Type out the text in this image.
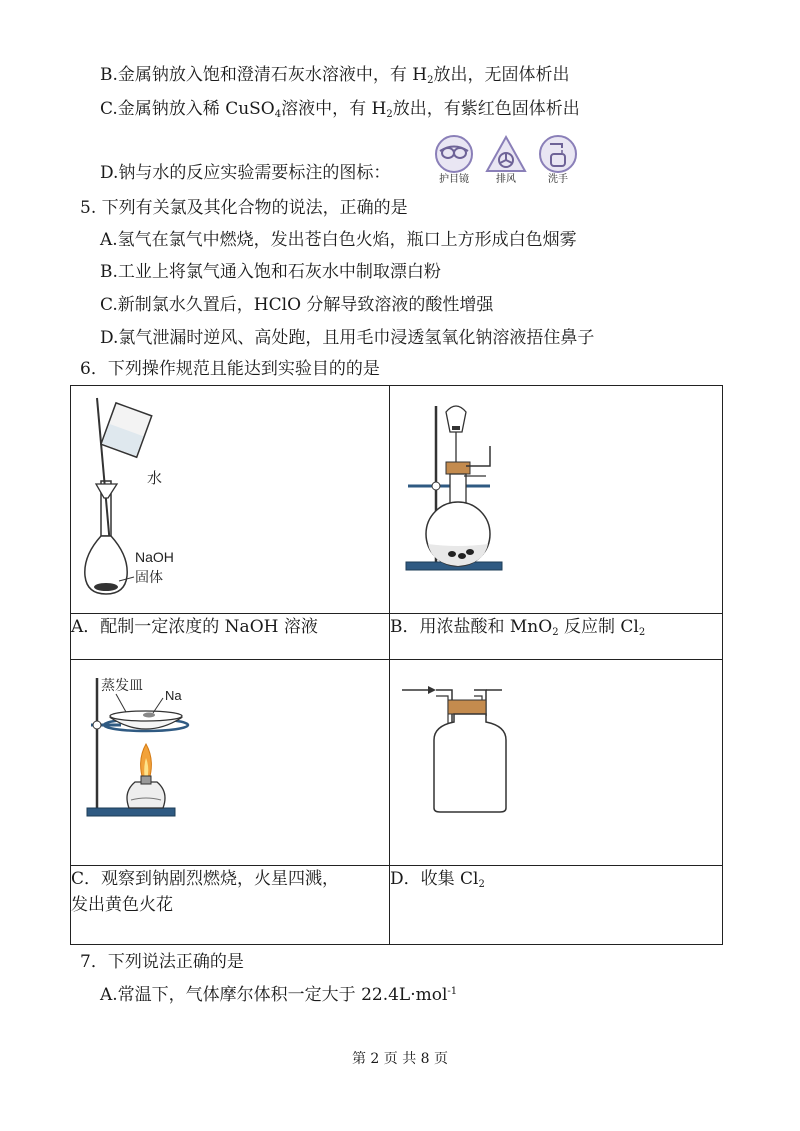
B.金属钠放入饱和澄清石灰水溶液中，有 $H_2$放出，无固体析出
C.金属钠放入稀 CuSO$_4$溶液中，有 $H_2$放出，有紫红色固体析出
D.钠与水的反应实验需要标注的图标：	护目镜	排风	洗手
5. 下列有关氯及其化合物的说法，正确的是
A.氢气在氯气中燃烧，发出苍白色火焰，瓶口上方形成白色烟雾
B.工业上将氯气通入饱和石灰水中制取漂白粉
C.新制氯水久置后，HClO 分解导致溶液的酸性增强
D.氯气泄漏时逆风、高处跑，且用毛巾浸透氢氧化钠溶液捂住鼻子
6．下列操作规范且能达到实验目的的是
水
NaOH
固体

A．配制一定浓度的 NaOH 溶液	B．用浓盐酸和 MnO$_2$ 反应制 $Cl_2$

蒸发皿
Na

C．观察到钠剧烈燃烧，火星四溅，
发出黄色火花	D．收集 $Cl_2$
7．下列说法正确的是
A.常温下，气体摩尔体积一定大于 22.4L·mol$^{-1}$
第 2 页 共 8 页
